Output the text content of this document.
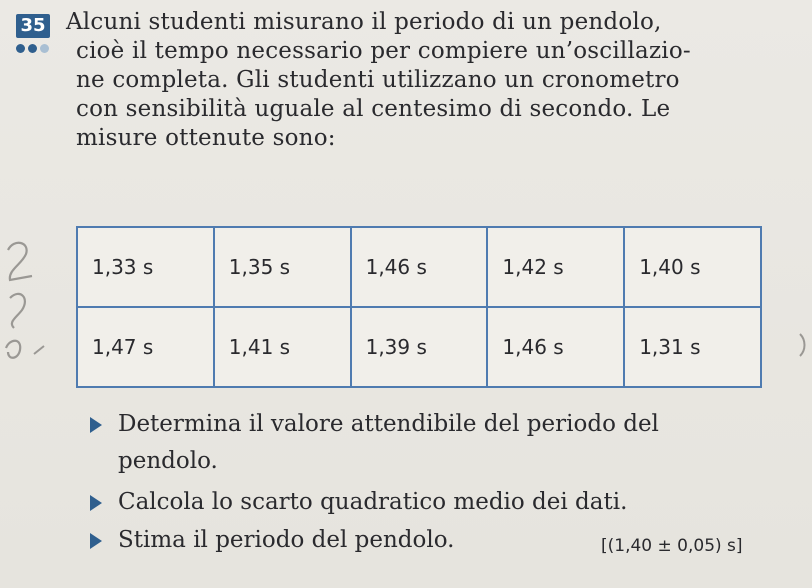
35 Alcuni studenti misurano il periodo di un pendolo,
cioè il tempo necessario per compiere un’oscillazio-
ne completa. Gli studenti utilizzano un cronometro
con sensibilità uguale al centesimo di secondo. Le
misure ottenute sono:
1,33 s	1,35 s	1,46 s	1,42 s	1,40 s
1,47 s	1,41 s	1,39 s	1,46 s	1,31 s
Determina il valore attendibile del periodo del
pendolo.
Calcola lo scarto quadratico medio dei dati.
Stima il periodo del pendolo.	[(1,40 ± 0,05) s]
